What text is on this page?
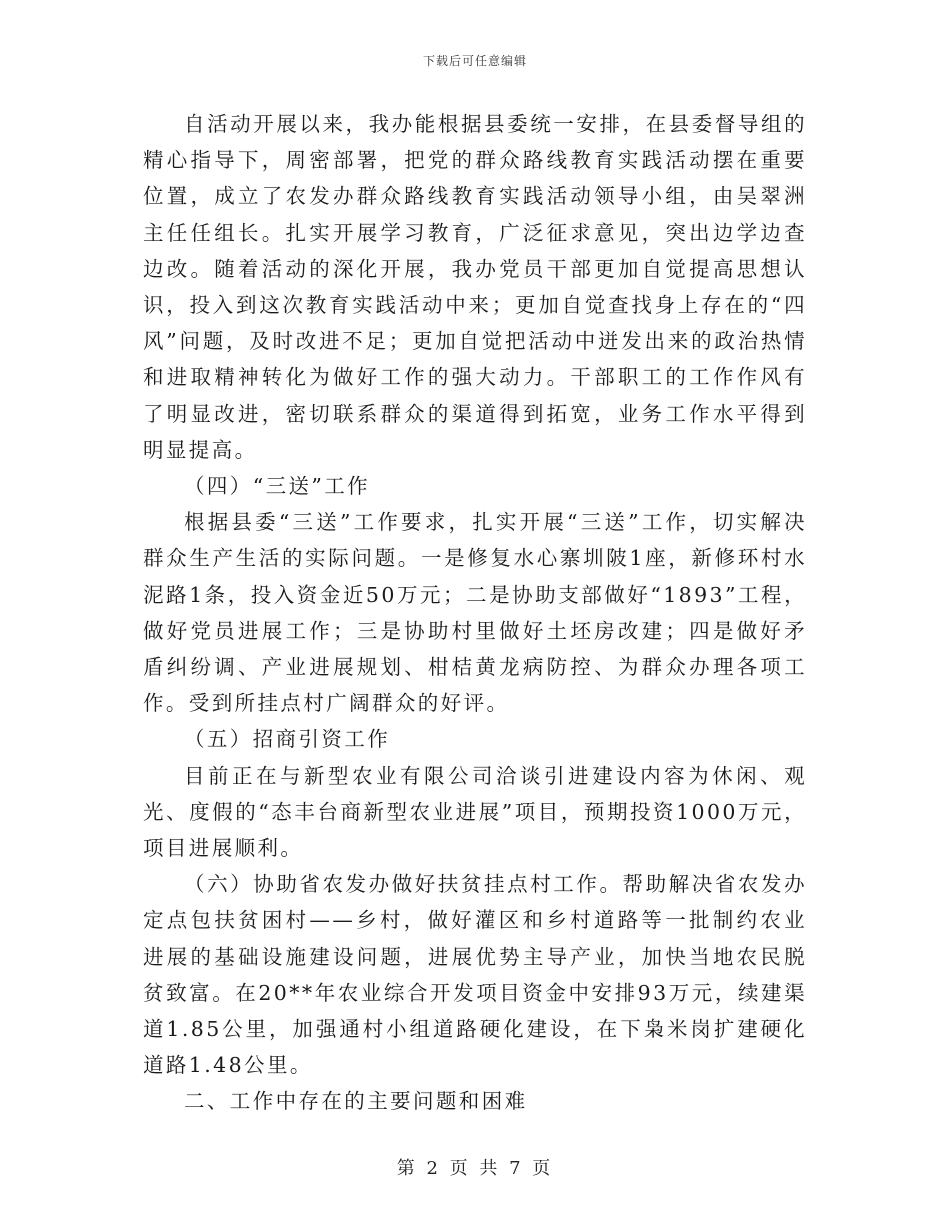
下载后可任意编辑

自活动开展以来，我办能根据县委统一安排，在县委督导组的精心指导下，周密部署，把党的群众路线教育实践活动摆在重要位置，成立了农发办群众路线教育实践活动领导小组，由吴翠洲主任任组长。扎实开展学习教育，广泛征求意见，突出边学边查边改。随着活动的深化开展，我办党员干部更加自觉提高思想认识，投入到这次教育实践活动中来；更加自觉查找身上存在的“四风”问题，及时改进不足；更加自觉把活动中迸发出来的政治热情和进取精神转化为做好工作的强大动力。干部职工的工作作风有了明显改进，密切联系群众的渠道得到拓宽，业务工作水平得到明显提高。

（四）“三送”工作

根据县委“三送”工作要求，扎实开展“三送”工作，切实解决群众生产生活的实际问题。一是修复水心寨圳陂1座，新修环村水泥路1条，投入资金近50万元；二是协助支部做好“1893”工程，做好党员进展工作；三是协助村里做好土坯房改建；四是做好矛盾纠纷调、产业进展规划、柑桔黄龙病防控、为群众办理各项工作。受到所挂点村广阔群众的好评。

（五）招商引资工作

目前正在与新型农业有限公司洽谈引进建设内容为休闲、观光、度假的“态丰台商新型农业进展”项目，预期投资1000万元，项目进展顺利。

（六）协助省农发办做好扶贫挂点村工作。帮助解决省农发办定点包扶贫困村——乡村，做好灌区和乡村道路等一批制约农业进展的基础设施建设问题，进展优势主导产业，加快当地农民脱贫致富。在20**年农业综合开发项目资金中安排93万元，续建渠道1.85公里，加强通村小组道路硬化建设，在下枭米岗扩建硬化道路1.48公里。

二、工作中存在的主要问题和困难

第 2 页 共 7 页
